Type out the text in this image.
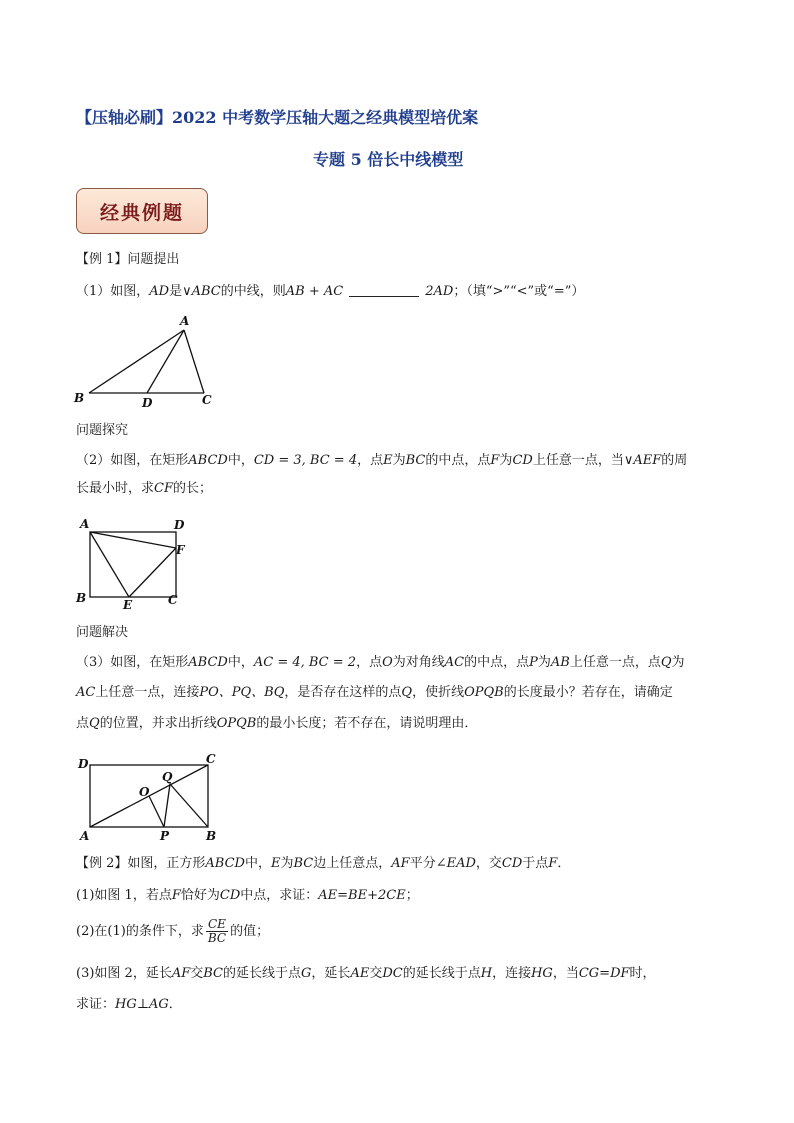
【压轴必刷】2022 中考数学压轴大题之经典模型培优案
专题 5 倍长中线模型
经典例题
【例 1】问题提出
（1）如图，AD是∨ABC的中线，则AB + AC	2AD；（填“>”“<”或“=”）
A
B	D	C
问题探究
（2）如图，在矩形ABCD中，CD = 3, BC = 4，点E为BC的中点，点F为CD上任意一点，当∨AEF的周
长最小时，求CF的长；
A	D
F
B	E	C
问题解决
（3）如图，在矩形ABCD中，AC = 4, BC = 2，点O为对角线AC的中点，点P为AB上任意一点，点Q为
AC上任意一点，连接PO、PQ、BQ，是否存在这样的点Q，使折线OPQB的长度最小？若存在，请确定
点Q的位置，并求出折线OPQB的最小长度；若不存在，请说明理由．
D	C
O
Q
A	P	B
【例 2】如图，正方形ABCD中，E为BC边上任意点，AF平分∠EAD，交CD于点F．
(1)如图 1，若点F恰好为CD中点，求证：AE=BE+2CE；
(2)在(1)的条件下，求 $\frac{CE}{BC}$ 的值；
(3)如图 2，延长AF交BC的延长线于点G，延长AE交DC的延长线于点H，连接HG，当CG=DF时，
求证：HG⊥AG．
